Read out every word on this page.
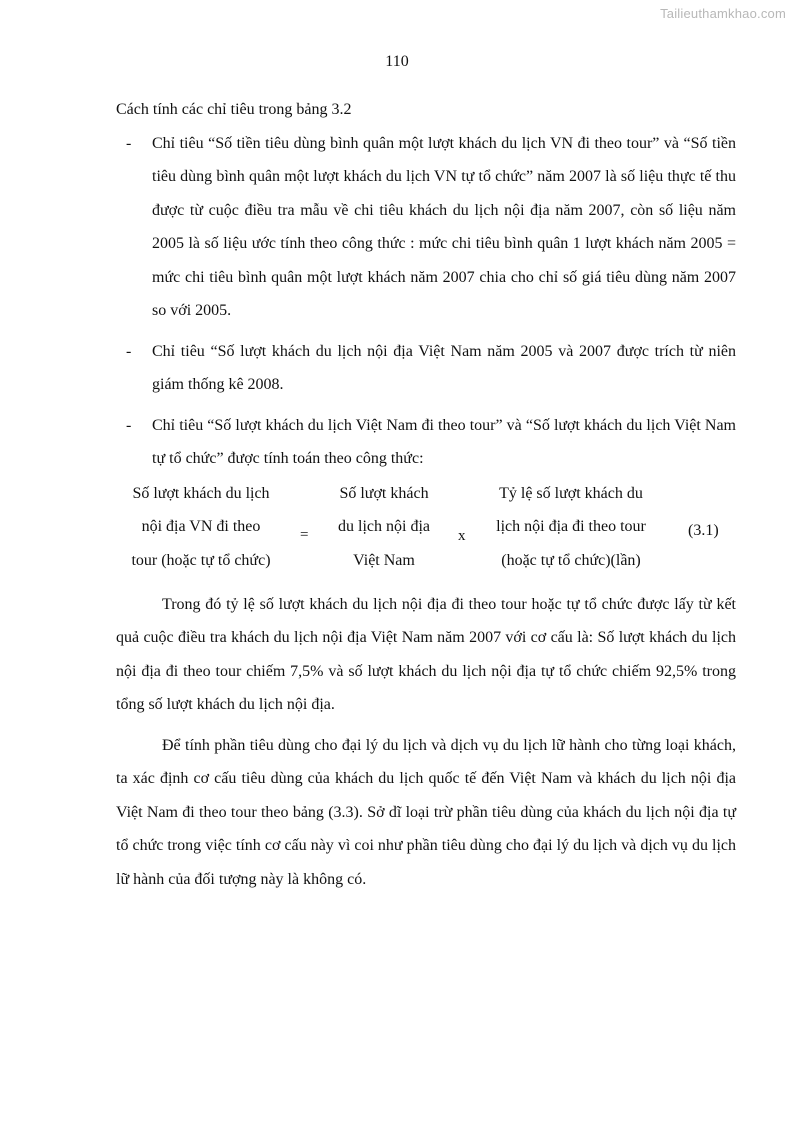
Tailieuthamkhao.com
110

Cách tính các chỉ tiêu trong bảng 3.2

- Chỉ tiêu “Số tiền tiêu dùng bình quân một lượt khách du lịch VN đi theo tour” và “Số tiền tiêu dùng bình quân một lượt khách du lịch VN tự tổ chức” năm 2007 là số liệu thực tế thu được từ cuộc điều tra mẫu về chi tiêu khách du lịch nội địa năm 2007, còn số liệu năm 2005 là số liệu ước tính theo công thức : mức chi tiêu bình quân 1 lượt khách năm 2005 = mức chi tiêu bình quân một lượt khách năm 2007 chia cho chỉ số giá tiêu dùng năm 2007 so với 2005.

- Chỉ tiêu “Số lượt khách du lịch nội địa Việt Nam năm 2005 và 2007 được trích từ niên giám thống kê 2008.

- Chỉ tiêu “Số lượt khách du lịch Việt Nam đi theo tour” và “Số lượt khách du lịch Việt Nam tự tổ chức” được tính toán theo công thức:

Số lượt khách du lịch
nội địa VN đi theo
tour (hoặc tự tổ chức)
=
Số lượt khách
du lịch nội địa
Việt Nam
x
Tỷ lệ số lượt khách du
lịch nội địa đi theo tour
(hoặc tự tổ chức)(lần)
(3.1)

Trong đó tỷ lệ số lượt khách du lịch nội địa đi theo tour hoặc tự tổ chức được lấy từ kết quả cuộc điều tra khách du lịch nội địa Việt Nam năm 2007 với cơ cấu là: Số lượt khách du lịch nội địa đi theo tour chiếm 7,5% và số lượt khách du lịch nội địa tự tổ chức chiếm 92,5% trong tổng số lượt khách du lịch nội địa.

Để tính phần tiêu dùng cho đại lý du lịch và dịch vụ du lịch lữ hành cho từng loại khách, ta xác định cơ cấu tiêu dùng của khách du lịch quốc tế đến Việt Nam và khách du lịch nội địa Việt Nam đi theo tour theo bảng (3.3). Sở dĩ loại trừ phần tiêu dùng của khách du lịch nội địa tự tổ chức trong việc tính cơ cấu này vì coi như phần tiêu dùng cho đại lý du lịch và dịch vụ du lịch lữ hành của đối tượng này là không có.
